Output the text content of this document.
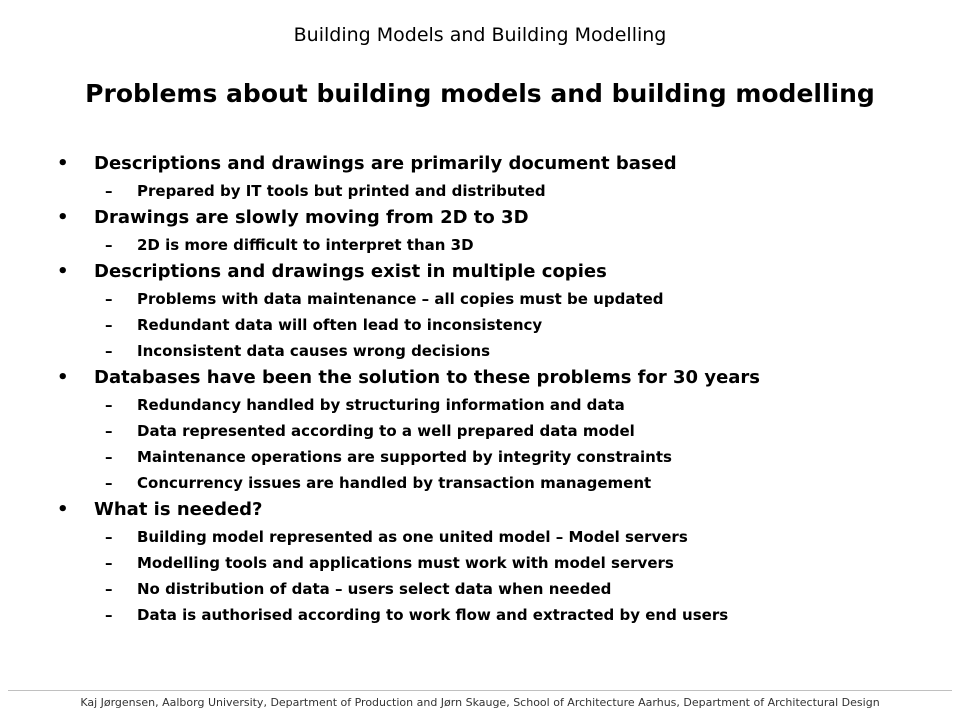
Building Models and Building Modelling
Problems about building models and building modelling
• Descriptions and drawings are primarily document based
– Prepared by IT tools but printed and distributed
• Drawings are slowly moving from 2D to 3D
– 2D is more difficult to interpret than 3D
• Descriptions and drawings exist in multiple copies
– Problems with data maintenance – all copies must be updated
– Redundant data will often lead to inconsistency
– Inconsistent data causes wrong decisions
• Databases have been the solution to these problems for 30 years
– Redundancy handled by structuring information and data
– Data represented according to a well prepared data model
– Maintenance operations are supported by integrity constraints
– Concurrency issues are handled by transaction management
• What is needed?
– Building model represented as one united model – Model servers
– Modelling tools and applications must work with model servers
– No distribution of data – users select data when needed
– Data is authorised according to work flow and extracted by end users
Kaj Jørgensen, Aalborg University, Department of Production and Jørn Skauge, School of Architecture Aarhus, Department of Architectural Design
